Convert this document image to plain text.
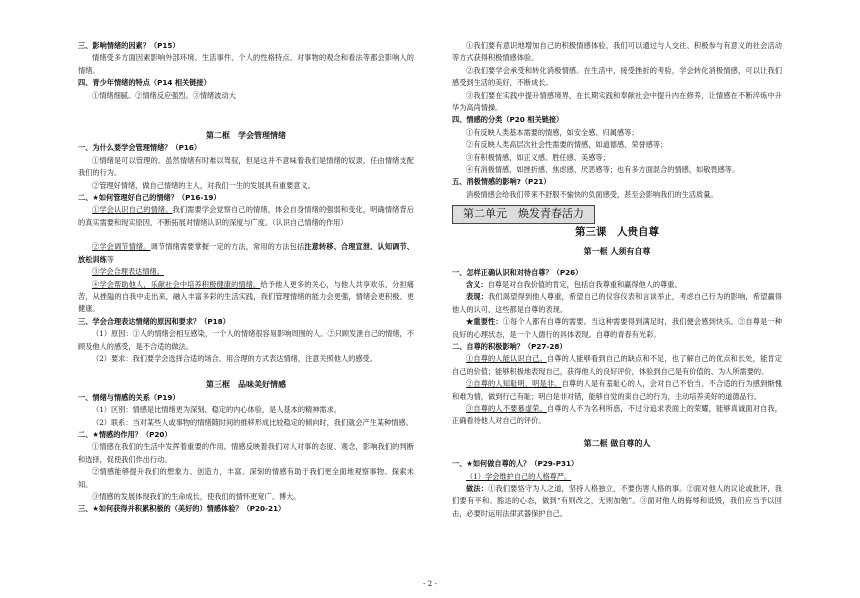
三、影响情绪的因素？（P15）

情绪受多方面因素影响外部环境、生活事件、个人的性格特点、对事物的观念和看法等都会影响人的情绪。

四、青少年情绪的特点（P14 相关链接）

①情绪细腻。②情绪反应强烈。③情绪波动大

第二框　学会管理情绪

一、为什么要学会管理情绪？（P16）

①情绪是可以管理的。虽然情绪有时难以驾驭，但是这并不意味着我们是情绪的奴隶，任由情绪支配我们的行为。

②管理好情绪，做自己情绪的主人，对我们一生的发展具有重要意义。

二、★如何管理好自己的情绪？（P16-19）

①学会认识自己的情绪。我们需要学会觉察自己的情绪，体会自身情绪的强弱和变化，明确情绪背后的真实需要和现实原因，不断拓展对情绪认识的深度与广度。（认识自己情绪的作用）

②学会调节情绪。调节情绪需要掌握一定的方法，常用的方法包括注意转移、合理宣泄、认知调节、放松训练等

③学会合理表达情绪。

④学会帮助他人，乐献社会中培养积极健康的情绪。给予他人更多的关心，与他人共享欢乐、分担痛苦，从挫隘的自我中走出来，融入丰富多彩的生活实践，我们管理情绪的能力会更强，情绪会更积极、更健康。

三、学会合理表达情绪的原因和要求？（P18）

（1）原因：①人的情绪会相互感染，一个人的情绪很容易影响周围的人。②只顾发泄自己的情绪，不顾及他人的感受，是不合适的做法。

（2）要求：我们要学会选择合适的场合、用合理的方式表达情绪，注意关照他人的感受。

第三框　品味美好情感

一、情绪与情感的关系（P19）

（1）区别：情感是比情绪更为深刻、稳定的内心体验，是人基本的精神需求。

（2）联系：当对某些人或事物的情绪随时间的推移形成比较稳定的倾向时，我们就会产生某种情感。

二、★情感的作用？（P20）

①情感在我们的生活中发挥着重要的作用。情感反映着我们对人对事的态度、观念，影响我们的判断和选择，促使我们作出行动。

②情感能够提升我们的想象力、创造力，丰富、深刻的情感有助于我们更全面地观察事物、探索未知。

③情感的发展体现我们的生命成长，使我们的情怀更宽广、博大。

三、★如何获得并积累积极的（美好的）情感体验？（P20-21）

①我们要有意识地增加自己的积极情感体验，我们可以通过与人交往、积极参与有意义的社会活动等方式获得积极情感体验。

②我们要学会承受和转化消极情感。在生活中，接受挫折的考验，学会转化消极情感，可以让我们感受到生活的美好，不断成长。

③我们要在实践中提升情感境界，在长期实践和奉献社会中提升内在修养，让情感在不断淬炼中升华为高尚情操。

四、情感的分类（P20 相关链接）

①有反映人类基本需要的情感，如安全感、归属感等；

②有反映人类高层次社会性需要的情感，如道德感、荣誉感等；

③有积极情感，如正义感、胜任感、美感等；

④有消极情感，如挫折感、焦虑感、厌恶感等；也有多方面混合的情感，如敬畏感等。

五、消极情感的影响?（P21）

消极情感会给我们带来不舒服不愉快的负面感受，甚至会影响我们的生活质量。

第二单元　焕发青春活力

第三课　人贵自尊

第一框 人须有自尊

一、怎样正确认识和对待自尊？（P26）

含义：自尊是对自我价值的肯定，包括自我尊重和赢得他人的尊重。

表现：我们渴望得到他人尊重，希望自己的仪容仪表和言谈举止，考虑自己行为的影响，希望赢得他人的认可，这些都是自尊的表现。

★重要性：①每个人都有自尊的需要。当这种需要得到满足时，我们便会感到快乐。②自尊是一种良好的心理状态，是一个人德行的具体表现。自尊的青春有光彩。

二、自尊的积极影响？（P27-28）

①自尊的人能认识自己。自尊的人能够看到自己的缺点和不足，也了解自己的优点和长处，能肯定自己的价值；能够积极地表现自己，获得他人的良好评价，体验到自己是有价值的、为人所需要的。

②自尊的人知耻明，明是非。自尊的人是有羞耻心的人，会对自己不恰当、不合适的行为感到惭愧和难为情，做到行己有耻；明白是非对错，能够自觉的束自己的行为，主动培养美好的道德品行。

③自尊的人不要慕虚荣。自尊的人不为名利所惑，不过分追求表面上的荣耀，能够真诚面对自我，正确看待他人对自己的评价。

第二框 做自尊的人

一、★如何做自尊的人？（P29-P31）

（1）学会维护自己的人格尊严。

做法：①我们要恪守为人之道，坚持人格独立，不要伤害人格的事。②面对他人的议论或批评，我们要有平和、豁达的心态，做到“有则改之，无则加勉”。③面对他人的侮辱和诋毁，我们应当予以回击，必要时运用法律武器保护自己。

- 2 -
